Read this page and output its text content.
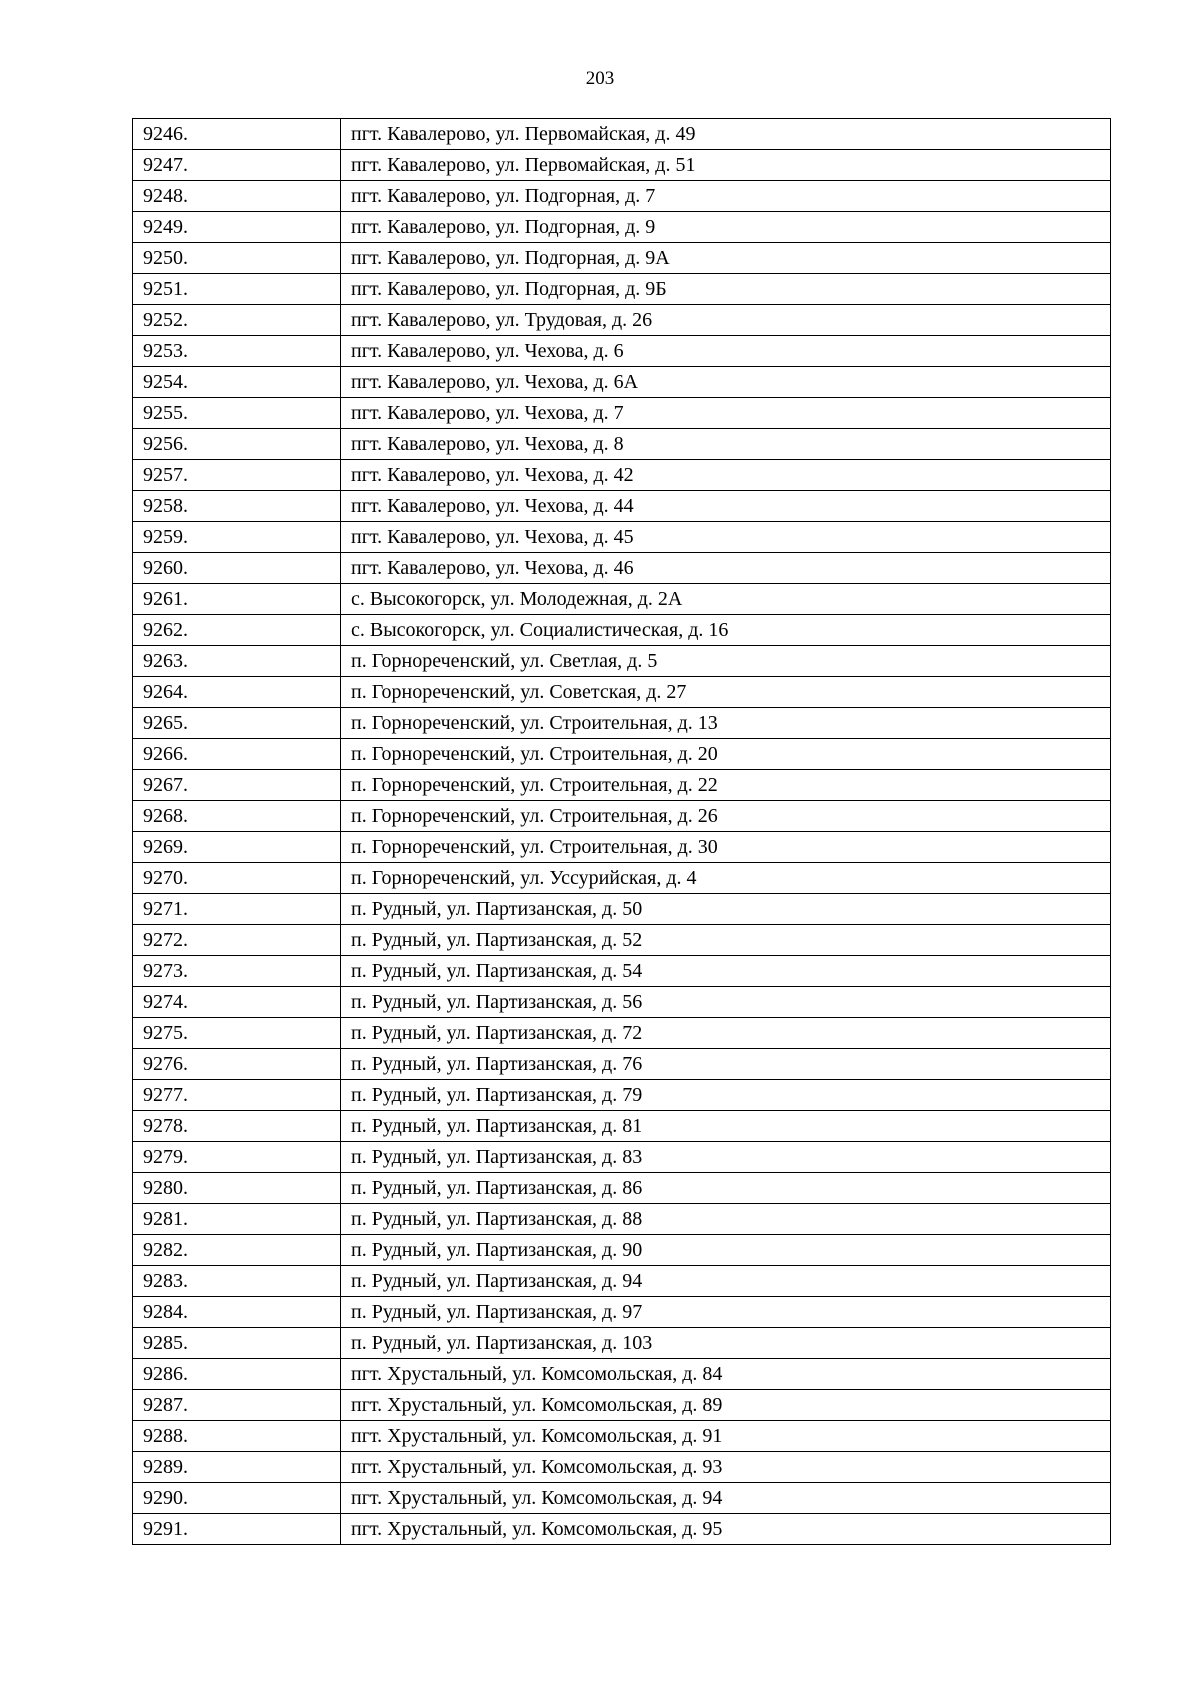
203
9246.	пгт. Кавалерово, ул. Первомайская, д. 49
9247.	пгт. Кавалерово, ул. Первомайская, д. 51
9248.	пгт. Кавалерово, ул. Подгорная, д. 7
9249.	пгт. Кавалерово, ул. Подгорная, д. 9
9250.	пгт. Кавалерово, ул. Подгорная, д. 9А
9251.	пгт. Кавалерово, ул. Подгорная, д. 9Б
9252.	пгт. Кавалерово, ул. Трудовая, д. 26
9253.	пгт. Кавалерово, ул. Чехова, д. 6
9254.	пгт. Кавалерово, ул. Чехова, д. 6А
9255.	пгт. Кавалерово, ул. Чехова, д. 7
9256.	пгт. Кавалерово, ул. Чехова, д. 8
9257.	пгт. Кавалерово, ул. Чехова, д. 42
9258.	пгт. Кавалерово, ул. Чехова, д. 44
9259.	пгт. Кавалерово, ул. Чехова, д. 45
9260.	пгт. Кавалерово, ул. Чехова, д. 46
9261.	с. Высокогорск, ул. Молодежная, д. 2А
9262.	с. Высокогорск, ул. Социалистическая, д. 16
9263.	п. Горнореченский, ул. Светлая, д. 5
9264.	п. Горнореченский, ул. Советская, д. 27
9265.	п. Горнореченский, ул. Строительная, д. 13
9266.	п. Горнореченский, ул. Строительная, д. 20
9267.	п. Горнореченский, ул. Строительная, д. 22
9268.	п. Горнореченский, ул. Строительная, д. 26
9269.	п. Горнореченский, ул. Строительная, д. 30
9270.	п. Горнореченский, ул. Уссурийская, д. 4
9271.	п. Рудный, ул. Партизанская, д. 50
9272.	п. Рудный, ул. Партизанская, д. 52
9273.	п. Рудный, ул. Партизанская, д. 54
9274.	п. Рудный, ул. Партизанская, д. 56
9275.	п. Рудный, ул. Партизанская, д. 72
9276.	п. Рудный, ул. Партизанская, д. 76
9277.	п. Рудный, ул. Партизанская, д. 79
9278.	п. Рудный, ул. Партизанская, д. 81
9279.	п. Рудный, ул. Партизанская, д. 83
9280.	п. Рудный, ул. Партизанская, д. 86
9281.	п. Рудный, ул. Партизанская, д. 88
9282.	п. Рудный, ул. Партизанская, д. 90
9283.	п. Рудный, ул. Партизанская, д. 94
9284.	п. Рудный, ул. Партизанская, д. 97
9285.	п. Рудный, ул. Партизанская, д. 103
9286.	пгт. Хрустальный, ул. Комсомольская, д. 84
9287.	пгт. Хрустальный, ул. Комсомольская, д. 89
9288.	пгт. Хрустальный, ул. Комсомольская, д. 91
9289.	пгт. Хрустальный, ул. Комсомольская, д. 93
9290.	пгт. Хрустальный, ул. Комсомольская, д. 94
9291.	пгт. Хрустальный, ул. Комсомольская, д. 95
